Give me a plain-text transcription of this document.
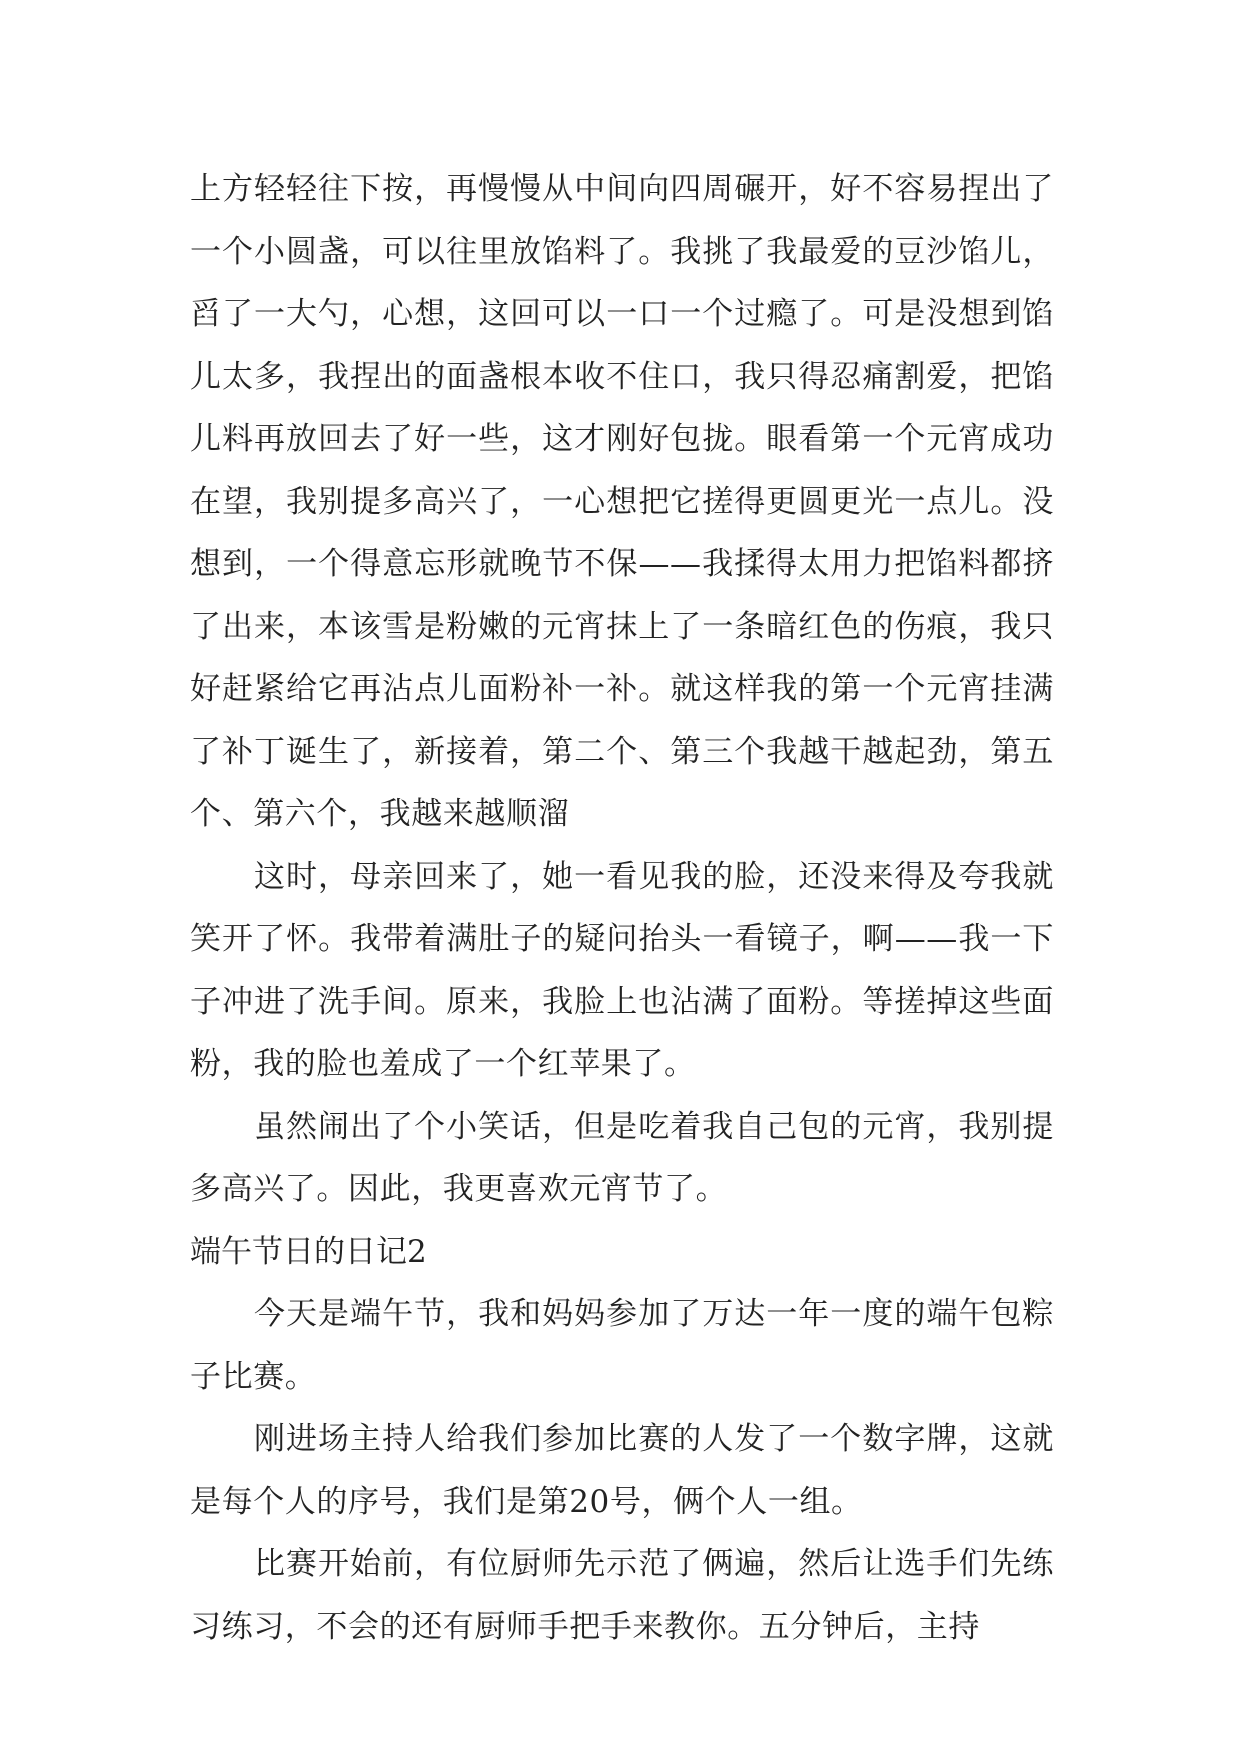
上方轻轻往下按，再慢慢从中间向四周碾开，好不容易捏出了一个小圆盏，可以往里放馅料了。我挑了我最爱的豆沙馅儿，舀了一大勺，心想，这回可以一口一个过瘾了。可是没想到馅儿太多，我捏出的面盏根本收不住口，我只得忍痛割爱，把馅儿料再放回去了好一些，这才刚好包拢。眼看第一个元宵成功在望，我别提多高兴了，一心想把它搓得更圆更光一点儿。没想到，一个得意忘形就晚节不保——我揉得太用力把馅料都挤了出来，本该雪是粉嫩的元宵抹上了一条暗红色的伤痕，我只好赶紧给它再沾点儿面粉补一补。就这样我的第一个元宵挂满了补丁诞生了，新接着，第二个、第三个我越干越起劲，第五个、第六个，我越来越顺溜

这时，母亲回来了，她一看见我的脸，还没来得及夸我就笑开了怀。我带着满肚子的疑问抬头一看镜子，啊——我一下子冲进了洗手间。原来，我脸上也沾满了面粉。等搓掉这些面粉，我的脸也羞成了一个红苹果了。

虽然闹出了个小笑话，但是吃着我自己包的元宵，我别提多高兴了。因此，我更喜欢元宵节了。

端午节日的日记2

今天是端午节，我和妈妈参加了万达一年一度的端午包粽子比赛。

刚进场主持人给我们参加比赛的人发了一个数字牌，这就是每个人的序号，我们是第20号，俩个人一组。

比赛开始前，有位厨师先示范了俩遍，然后让选手们先练习练习，不会的还有厨师手把手来教你。五分钟后，主持
